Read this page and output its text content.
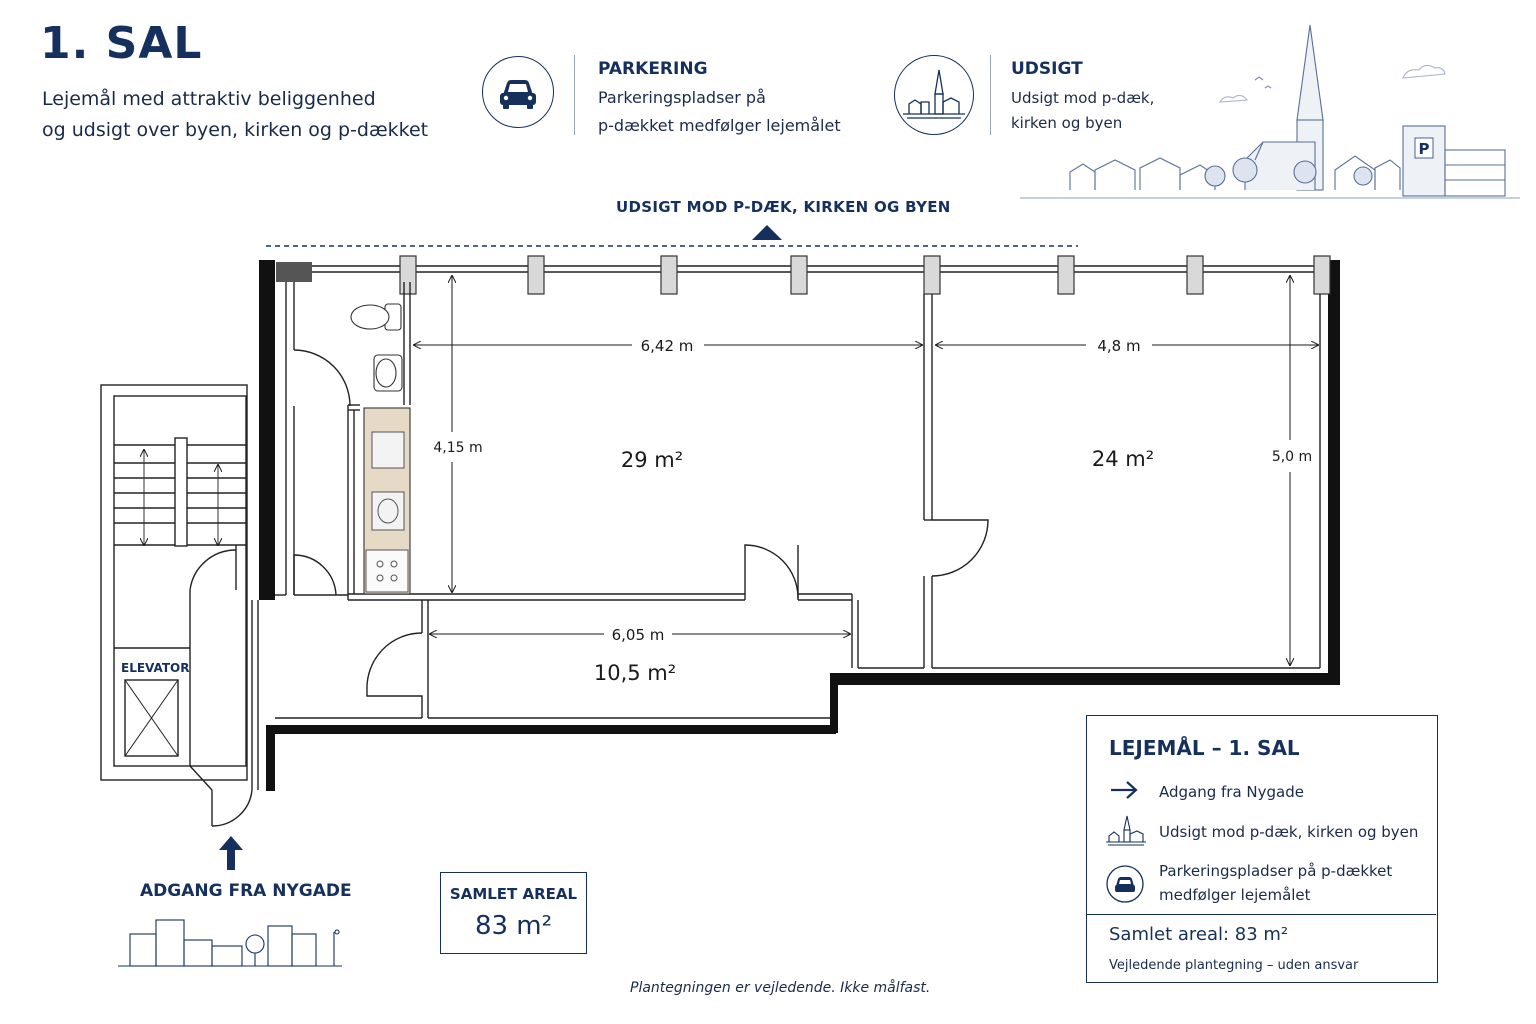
1. SAL
Lejemål med attraktiv beliggenhed
og udsigt over byen, kirken og p-dækket
PARKERING
Parkeringspladser på
p-dækket medfølger lejemålet
UDSIGT
Udsigt mod p-dæk,
kirken og byen
P
UDSIGT MOD P-DÆK, KIRKEN OG BYEN
ELEVATOR
6,42 m	4,8 m
4,15 m
5,0 m
6,05 m
29 m²	24 m²
10,5 m²
ADGANG FRA NYGADE	SAMLET AREAL
83 m²
LEJEMÅL – 1. SAL
Adgang fra Nygade
Udsigt mod p-dæk, kirken og byen
Parkeringspladser på p-dækket
medfølger lejemålet
Samlet areal: 83 m²
Vejledende plantegning – uden ansvar
Plantegningen er vejledende. Ikke målfast.
